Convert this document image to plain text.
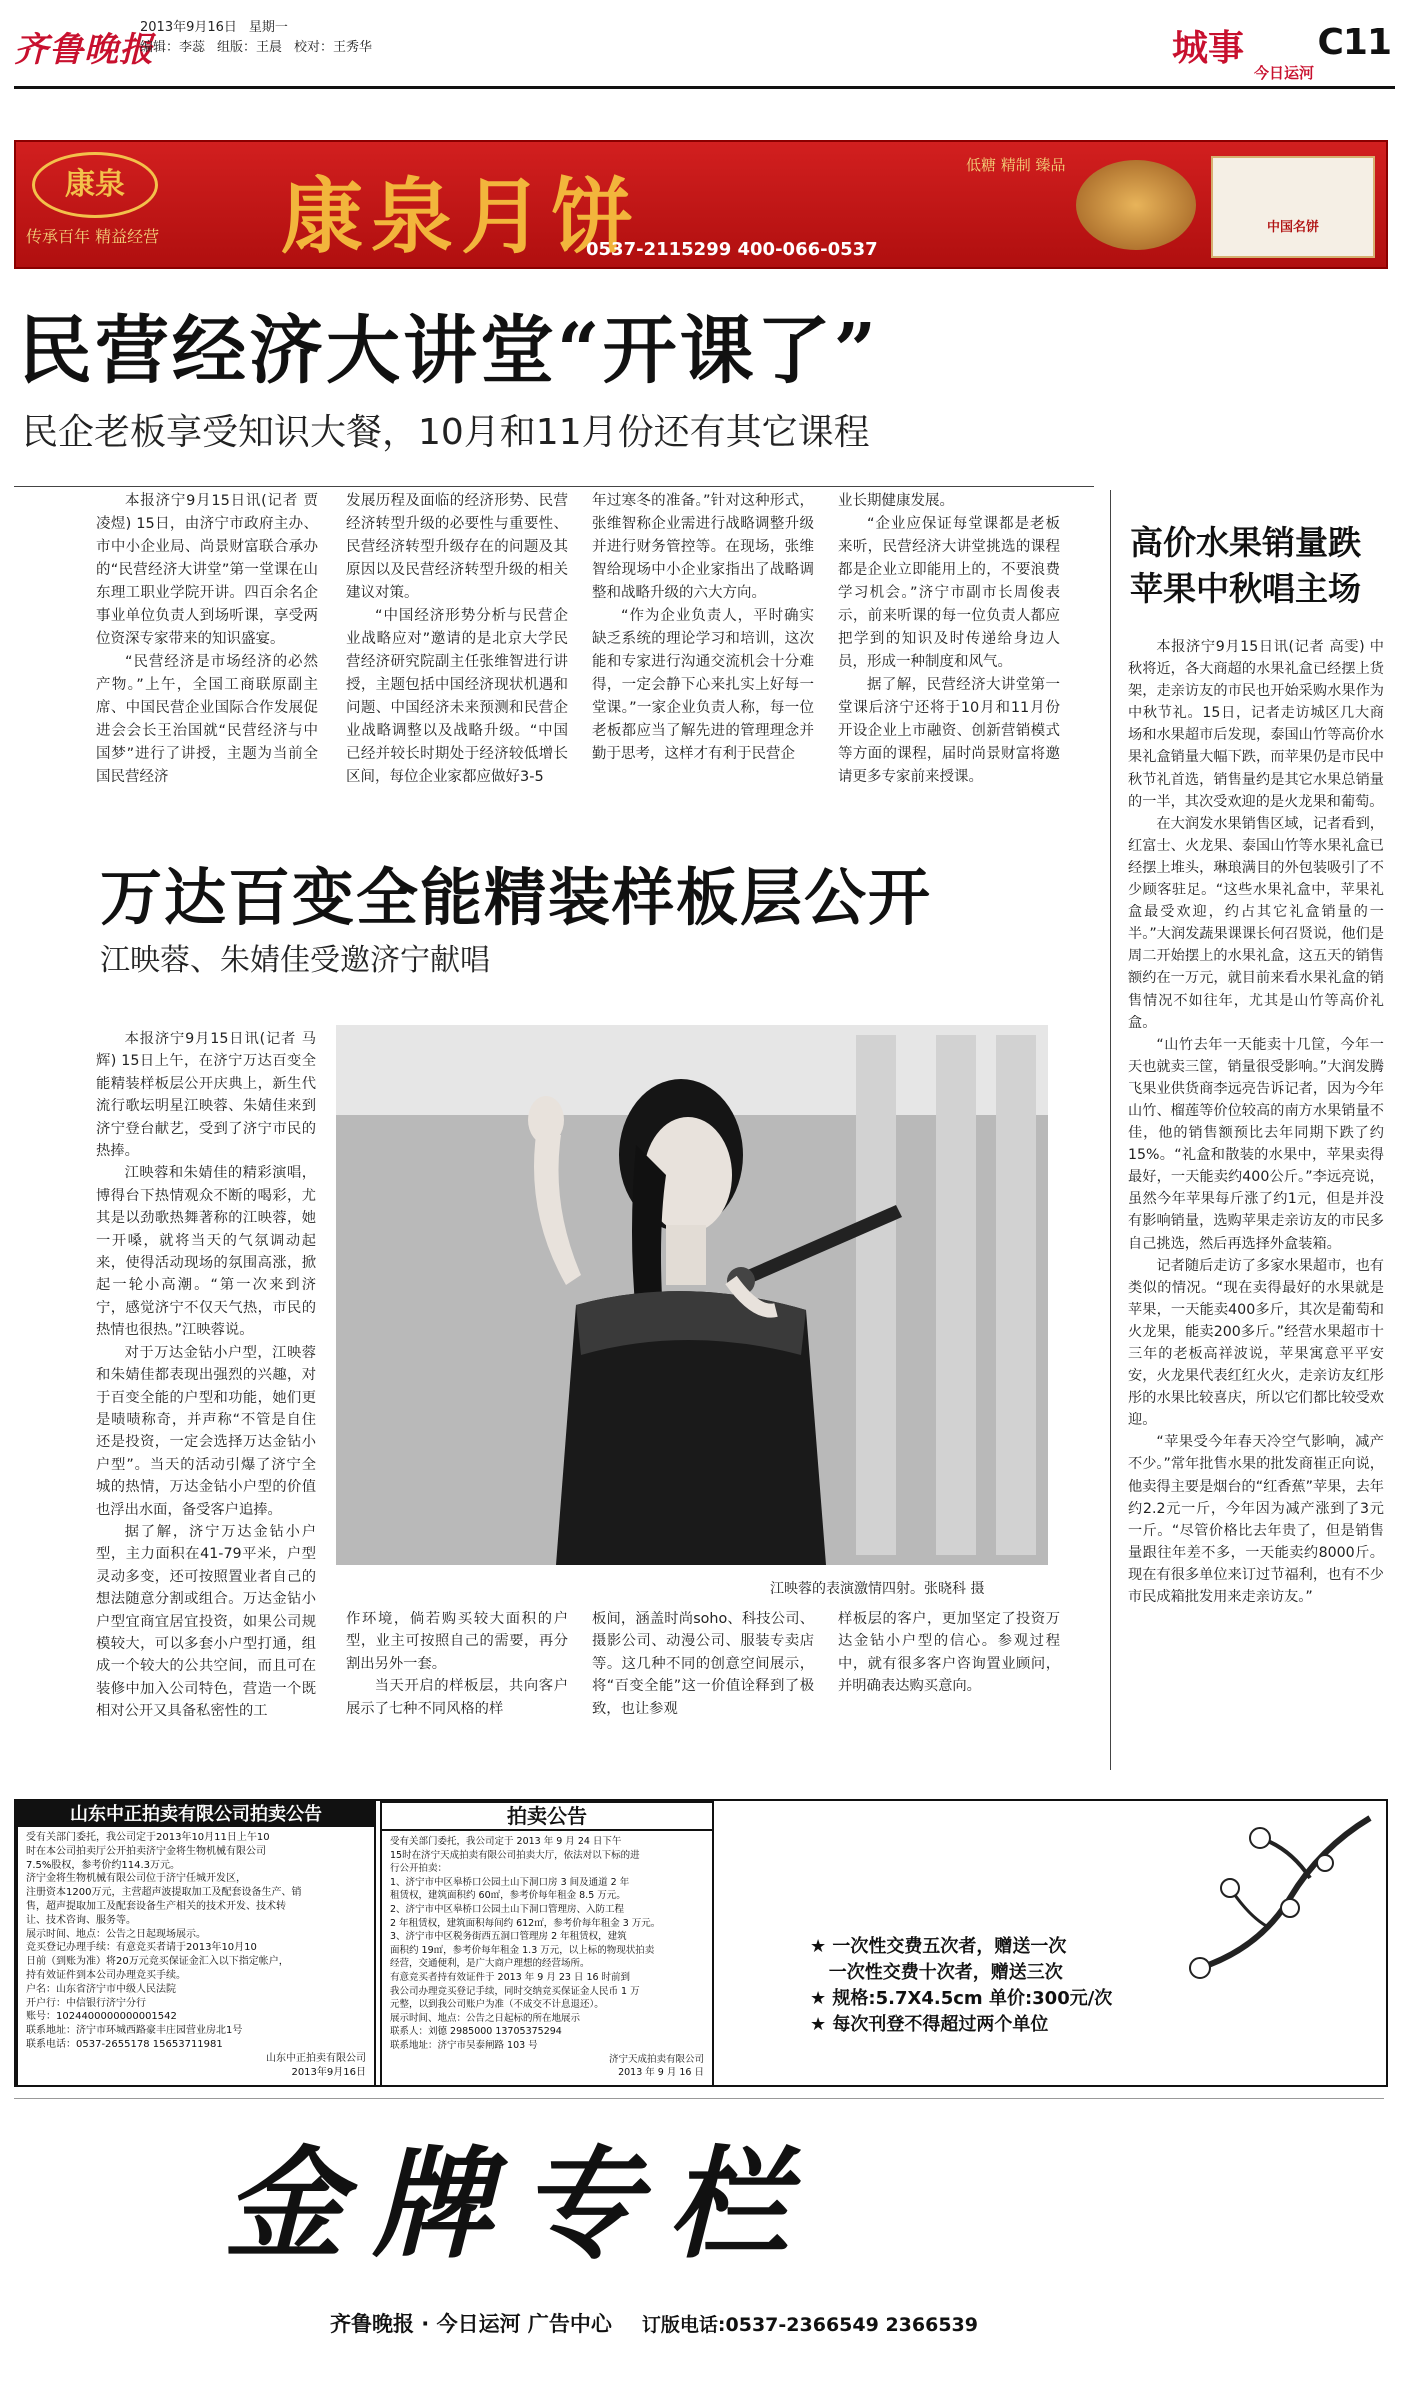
齐鲁晚报
2013年9月16日 星期一
编辑：李蕊 组版：王晨 校对：王秀华	城事 C11
今日运河
康泉
传承百年 精益经营 康泉月饼
0537-2115299 400-066-0537
低糖 精制 臻品
中国名饼
民营经济大讲堂“开课了”
民企老板享受知识大餐，10月和11月份还有其它课程

本报济宁9月15日讯(记者 贾凌煜) 15日，由济宁市政府主办、市中小企业局、尚景财富联合承办的“民营经济大讲堂”第一堂课在山东理工职业学院开讲。四百余名企事业单位负责人到场听课，享受两位资深专家带来的知识盛宴。

“民营经济是市场经济的必然产物。”上午，全国工商联原副主席、中国民营企业国际合作发展促进会会长王治国就“民营经济与中国梦”进行了讲授，主题为当前全国民营经济

发展历程及面临的经济形势、民营经济转型升级的必要性与重要性、民营经济转型升级存在的问题及其原因以及民营经济转型升级的相关建议对策。

“中国经济形势分析与民营企业战略应对”邀请的是北京大学民营经济研究院副主任张维智进行讲授，主题包括中国经济现状机遇和问题、中国经济未来预测和民营企业战略调整以及战略升级。“中国已经并较长时期处于经济较低增长区间，每位企业家都应做好3-5

年过寒冬的准备。”针对这种形式，张维智称企业需进行战略调整升级并进行财务管控等。在现场，张维智给现场中小企业家指出了战略调整和战略升级的六大方向。

“作为企业负责人，平时确实缺乏系统的理论学习和培训，这次能和专家进行沟通交流机会十分难得，一定会静下心来扎实上好每一堂课。”一家企业负责人称，每一位老板都应当了解先进的管理理念并勤于思考，这样才有利于民营企

业长期健康发展。

“企业应保证每堂课都是老板来听，民营经济大讲堂挑选的课程都是企业立即能用上的，不要浪费学习机会。”济宁市副市长周俊表示，前来听课的每一位负责人都应把学到的知识及时传递给身边人员，形成一种制度和风气。

据了解，民营经济大讲堂第一堂课后济宁还将于10月和11月份开设企业上市融资、创新营销模式等方面的课程，届时尚景财富将邀请更多专家前来授课。

高价水果销量跌
苹果中秋唱主场

本报济宁9月15日讯(记者 高雯) 中秋将近，各大商超的水果礼盒已经摆上货架，走亲访友的市民也开始采购水果作为中秋节礼。15日，记者走访城区几大商场和水果超市后发现，泰国山竹等高价水果礼盒销量大幅下跌，而苹果仍是市民中秋节礼首选，销售量约是其它水果总销量的一半，其次受欢迎的是火龙果和葡萄。

在大润发水果销售区域，记者看到，红富士、火龙果、泰国山竹等水果礼盒已经摆上堆头，琳琅满目的外包装吸引了不少顾客驻足。“这些水果礼盒中，苹果礼盒最受欢迎，约占其它礼盒销量的一半。”大润发蔬果课课长何召贤说，他们是周二开始摆上的水果礼盒，这五天的销售额约在一万元，就目前来看水果礼盒的销售情况不如往年，尤其是山竹等高价礼盒。

“山竹去年一天能卖十几筐，今年一天也就卖三筐，销量很受影响。”大润发腾飞果业供货商李远亮告诉记者，因为今年山竹、榴莲等价位较高的南方水果销量不佳，他的销售额预比去年同期下跌了约15%。“礼盒和散装的水果中，苹果卖得最好，一天能卖约400公斤。”李远亮说，虽然今年苹果每斤涨了约1元，但是并没有影响销量，选购苹果走亲访友的市民多自己挑选，然后再选择外盒装箱。

记者随后走访了多家水果超市，也有类似的情况。“现在卖得最好的水果就是苹果，一天能卖400多斤，其次是葡萄和火龙果，能卖200多斤。”经营水果超市十三年的老板高祥波说，苹果寓意平平安安，火龙果代表红红火火，走亲访友红彤彤的水果比较喜庆，所以它们都比较受欢迎。

“苹果受今年春天冷空气影响，减产不少。”常年批售水果的批发商崔正向说，他卖得主要是烟台的“红香蕉”苹果，去年约2.2元一斤，今年因为减产涨到了3元一斤。“尽管价格比去年贵了，但是销售量跟往年差不多，一天能卖约8000斤。现在有很多单位来订过节福利，也有不少市民成箱批发用来走亲访友。”

万达百变全能精装样板层公开
江映蓉、朱婧佳受邀济宁献唱

本报济宁9月15日讯(记者 马辉) 15日上午，在济宁万达百变全能精装样板层公开庆典上，新生代流行歌坛明星江映蓉、朱婧佳来到济宁登台献艺，受到了济宁市民的热捧。

江映蓉和朱婧佳的精彩演唱，博得台下热情观众不断的喝彩，尤其是以劲歌热舞著称的江映蓉，她一开嗓，就将当天的气氛调动起来，使得活动现场的氛围高涨，掀起一轮小高潮。“第一次来到济宁，感觉济宁不仅天气热，市民的热情也很热。”江映蓉说。

对于万达金钻小户型，江映蓉和朱婧佳都表现出强烈的兴趣，对于百变全能的户型和功能，她们更是啧啧称奇，并声称“不管是自住还是投资，一定会选择万达金钻小户型”。当天的活动引爆了济宁全城的热情，万达金钻小户型的价值也浮出水面，备受客户追捧。

据了解，济宁万达金钻小户型，主力面积在41-79平米，户型灵动多变，还可按照置业者自己的想法随意分割或组合。万达金钻小户型宜商宜居宜投资，如果公司规模较大，可以多套小户型打通，组成一个较大的公共空间，而且可在装修中加入公司特色，营造一个既相对公开又具备私密性的工

江映蓉的表演激情四射。张晓科 摄

作环境，倘若购买较大面积的户型，业主可按照自己的需要，再分割出另外一套。

当天开启的样板层，共向客户展示了七种不同风格的样

板间，涵盖时尚soho、科技公司、摄影公司、动漫公司、服装专卖店等。这几种不同的创意空间展示，将“百变全能”这一价值诠释到了极致，也让参观

样板层的客户，更加坚定了投资万达金钻小户型的信心。参观过程中，就有很多客户咨询置业顾问，并明确表达购买意向。

山东中正拍卖有限公司拍卖公告
受有关部门委托，我公司定于2013年10月11日上午10
时在本公司拍卖厅公开拍卖济宁金将生物机械有限公司
7.5%股权，参考价约114.3万元。
济宁金将生物机械有限公司位于济宁任城开发区，
注册资本1200万元，主营超声波提取加工及配套设备生产、销
售，超声提取加工及配套设备生产相关的技术开发、技术转
让、技术咨询、服务等。
展示时间、地点：公告之日起现场展示。
竞买登记办理手续：有意竞买者请于2013年10月10
日前（到账为准）将20万元竞买保证金汇入以下指定帐户，
持有效证件到本公司办理竞买手续。
户名：山东省济宁市中级人民法院
开户行：中信银行济宁分行
账号：1024400000000001542
联系地址：济宁市环城西路豪丰庄园营业房北1号
联系电话：0537-2655178 15653711981
山东中正拍卖有限公司
2013年9月16日
拍卖公告
受有关部门委托，我公司定于 2013 年 9 月 24 日下午
15时在济宁天成拍卖有限公司拍卖大厅，依法对以下标的进
行公开拍卖：
1、济宁市中区皋桥口公园土山下洞口房 3 间及通道 2 年
租赁权，建筑面积约 60㎡，参考价每年租金 8.5 万元。
2、济宁市中区皋桥口公园土山下洞口管理房、入防工程
2 年租赁权，建筑面积每间约 612㎡，参考价每年租金 3 万元。
3、济宁市中区税务街西五洞口管理房 2 年租赁权，建筑
面积约 19㎡，参考价每年租金 1.3 万元，以上标的物现状拍卖
经营，交通便利，是广大商户理想的经营场所。
有意竞买者持有效证件于 2013 年 9 月 23 日 16 时前到
我公司办理竞买登记手续，同时交纳竞买保证金人民币 1 万
元整，以到我公司账户为准（不成交不计息退还）。
展示时间、地点：公告之日起标的所在地展示
联系人：刘德 2985000 13705375294
联系地址：济宁市吴泰闸路 103 号
济宁天成拍卖有限公司
2013 年 9 月 16 日
★ 一次性交费五次者，赠送一次
一次性交费十次者，赠送三次
★ 规格:5.7X4.5cm 单价:300元/次
★ 每次刊登不得超过两个单位
金牌专栏
齐鲁晚报 · 今日运河 广告中心 订版电话:0537-2366549 2366539
